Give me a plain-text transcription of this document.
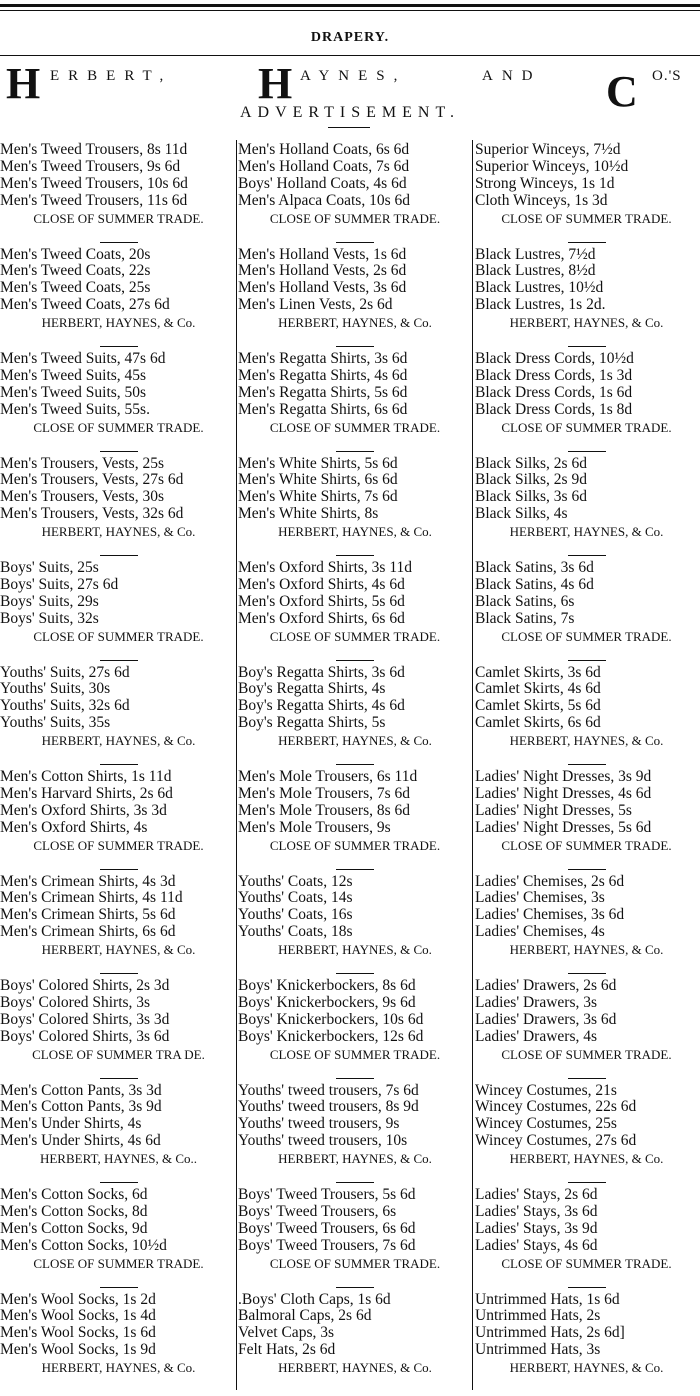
DRAPERY.
H ERBERT, H AYNES,	AND C O.'S
ADVERTISEMENT.
Men's Tweed Trousers, 8s 11d
Men's Tweed Trousers, 9s 6d
Men's Tweed Trousers, 10s 6d
Men's Tweed Trousers, 11s 6d
CLOSE OF SUMMER TRADE.
Men's Tweed Coats, 20s
Men's Tweed Coats, 22s
Men's Tweed Coats, 25s
Men's Tweed Coats, 27s 6d
HERBERT, HAYNES, & Co.
Men's Tweed Suits, 47s 6d
Men's Tweed Suits, 45s
Men's Tweed Suits, 50s
Men's Tweed Suits, 55s.
CLOSE OF SUMMER TRADE.
Men's Trousers, Vests, 25s
Men's Trousers, Vests, 27s 6d
Men's Trousers, Vests, 30s
Men's Trousers, Vests, 32s 6d
HERBERT, HAYNES, & Co.
Boys' Suits, 25s
Boys' Suits, 27s 6d
Boys' Suits, 29s
Boys' Suits, 32s
CLOSE OF SUMMER TRADE.
Youths' Suits, 27s 6d
Youths' Suits, 30s
Youths' Suits, 32s 6d
Youths' Suits, 35s
HERBERT, HAYNES, & Co.
Men's Cotton Shirts, 1s 11d
Men's Harvard Shirts, 2s 6d
Men's Oxford Shirts, 3s 3d
Men's Oxford Shirts, 4s
CLOSE OF SUMMER TRADE.
Men's Crimean Shirts, 4s 3d
Men's Crimean Shirts, 4s 11d
Men's Crimean Shirts, 5s 6d
Men's Crimean Shirts, 6s 6d
HERBERT, HAYNES, & Co.
Boys' Colored Shirts, 2s 3d
Boys' Colored Shirts, 3s
Boys' Colored Shirts, 3s 3d
Boys' Colored Shirts, 3s 6d
CLOSE OF SUMMER TRA DE.
Men's Cotton Pants, 3s 3d
Men's Cotton Pants, 3s 9d
Men's Under Shirts, 4s
Men's Under Shirts, 4s 6d
HERBERT, HAYNES, & Co..
Men's Cotton Socks, 6d
Men's Cotton Socks, 8d
Men's Cotton Socks, 9d
Men's Cotton Socks, 10½d
CLOSE OF SUMMER TRADE.
Men's Wool Socks, 1s 2d
Men's Wool Socks, 1s 4d
Men's Wool Socks, 1s 6d
Men's Wool Socks, 1s 9d
HERBERT, HAYNES, & Co.
Men's Holland Coats, 6s 6d
Men's Holland Coats, 7s 6d
Boys' Holland Coats, 4s 6d
Men's Alpaca Coats, 10s 6d
CLOSE OF SUMMER TRADE.
Men's Holland Vests, 1s 6d
Men's Holland Vests, 2s 6d
Men's Holland Vests, 3s 6d
Men's Linen Vests, 2s 6d
HERBERT, HAYNES, & Co.
Men's Regatta Shirts, 3s 6d
Men's Regatta Shirts, 4s 6d
Men's Regatta Shirts, 5s 6d
Men's Regatta Shirts, 6s 6d
CLOSE OF SUMMER TRADE.
Men's White Shirts, 5s 6d
Men's White Shirts, 6s 6d
Men's White Shirts, 7s 6d
Men's White Shirts, 8s
HERBERT, HAYNES, & Co.
Men's Oxford Shirts, 3s 11d
Men's Oxford Shirts, 4s 6d
Men's Oxford Shirts, 5s 6d
Men's Oxford Shirts, 6s 6d
CLOSE OF SUMMER TRADE.
Boy's Regatta Shirts, 3s 6d
Boy's Regatta Shirts, 4s
Boy's Regatta Shirts, 4s 6d
Boy's Regatta Shirts, 5s
HERBERT, HAYNES, & Co.
Men's Mole Trousers, 6s 11d
Men's Mole Trousers, 7s 6d
Men's Mole Trousers, 8s 6d
Men's Mole Trousers, 9s
CLOSE OF SUMMER TRADE.
Youths' Coats, 12s
Youths' Coats, 14s
Youths' Coats, 16s
Youths' Coats, 18s
HERBERT, HAYNES, & Co.
Boys' Knickerbockers, 8s 6d
Boys' Knickerbockers, 9s 6d
Boys' Knickerbockers, 10s 6d
Boys' Knickerbockers, 12s 6d
CLOSE OF SUMMER TRADE.
Youths' tweed trousers, 7s 6d
Youths' tweed trousers, 8s 9d
Youths' tweed trousers, 9s
Youths' tweed trousers, 10s
HERBERT, HAYNES, & Co.
Boys' Tweed Trousers, 5s 6d
Boys' Tweed Trousers, 6s
Boys' Tweed Trousers, 6s 6d
Boys' Tweed Trousers, 7s 6d
CLOSE OF SUMMER TRADE.
.Boys' Cloth Caps, 1s 6d
Balmoral Caps, 2s 6d
Velvet Caps, 3s
Felt Hats, 2s 6d
HERBERT, HAYNES, & Co.
Superior Winceys, 7½d
Superior Winceys, 10½d
Strong Winceys, 1s 1d
Cloth Winceys, 1s 3d
CLOSE OF SUMMER TRADE.
Black Lustres, 7½d
Black Lustres, 8½d
Black Lustres, 10½d
Black Lustres, 1s 2d.
HERBERT, HAYNES, & Co.
Black Dress Cords, 10½d
Black Dress Cords, 1s 3d
Black Dress Cords, 1s 6d
Black Dress Cords, 1s 8d
CLOSE OF SUMMER TRADE.
Black Silks, 2s 6d
Black Silks, 2s 9d
Black Silks, 3s 6d
Black Silks, 4s
HERBERT, HAYNES, & Co.
Black Satins, 3s 6d
Black Satins, 4s 6d
Black Satins, 6s
Black Satins, 7s
CLOSE OF SUMMER TRADE.
Camlet Skirts, 3s 6d
Camlet Skirts, 4s 6d
Camlet Skirts, 5s 6d
Camlet Skirts, 6s 6d
HERBERT, HAYNES, & Co.
Ladies' Night Dresses, 3s 9d
Ladies' Night Dresses, 4s 6d
Ladies' Night Dresses, 5s
Ladies' Night Dresses, 5s 6d
CLOSE OF SUMMER TRADE.
Ladies' Chemises, 2s 6d
Ladies' Chemises, 3s
Ladies' Chemises, 3s 6d
Ladies' Chemises, 4s
HERBERT, HAYNES, & Co.
Ladies' Drawers, 2s 6d
Ladies' Drawers, 3s
Ladies' Drawers, 3s 6d
Ladies' Drawers, 4s
CLOSE OF SUMMER TRADE.
Wincey Costumes, 21s
Wincey Costumes, 22s 6d
Wincey Costumes, 25s
Wincey Costumes, 27s 6d
HERBERT, HAYNES, & Co.
Ladies' Stays, 2s 6d
Ladies' Stays, 3s 6d
Ladies' Stays, 3s 9d
Ladies' Stays, 4s 6d
CLOSE OF SUMMER TRADE.
Untrimmed Hats, 1s 6d
Untrimmed Hats, 2s
Untrimmed Hats, 2s 6d]
Untrimmed Hats, 3s
HERBERT, HAYNES, & Co.
